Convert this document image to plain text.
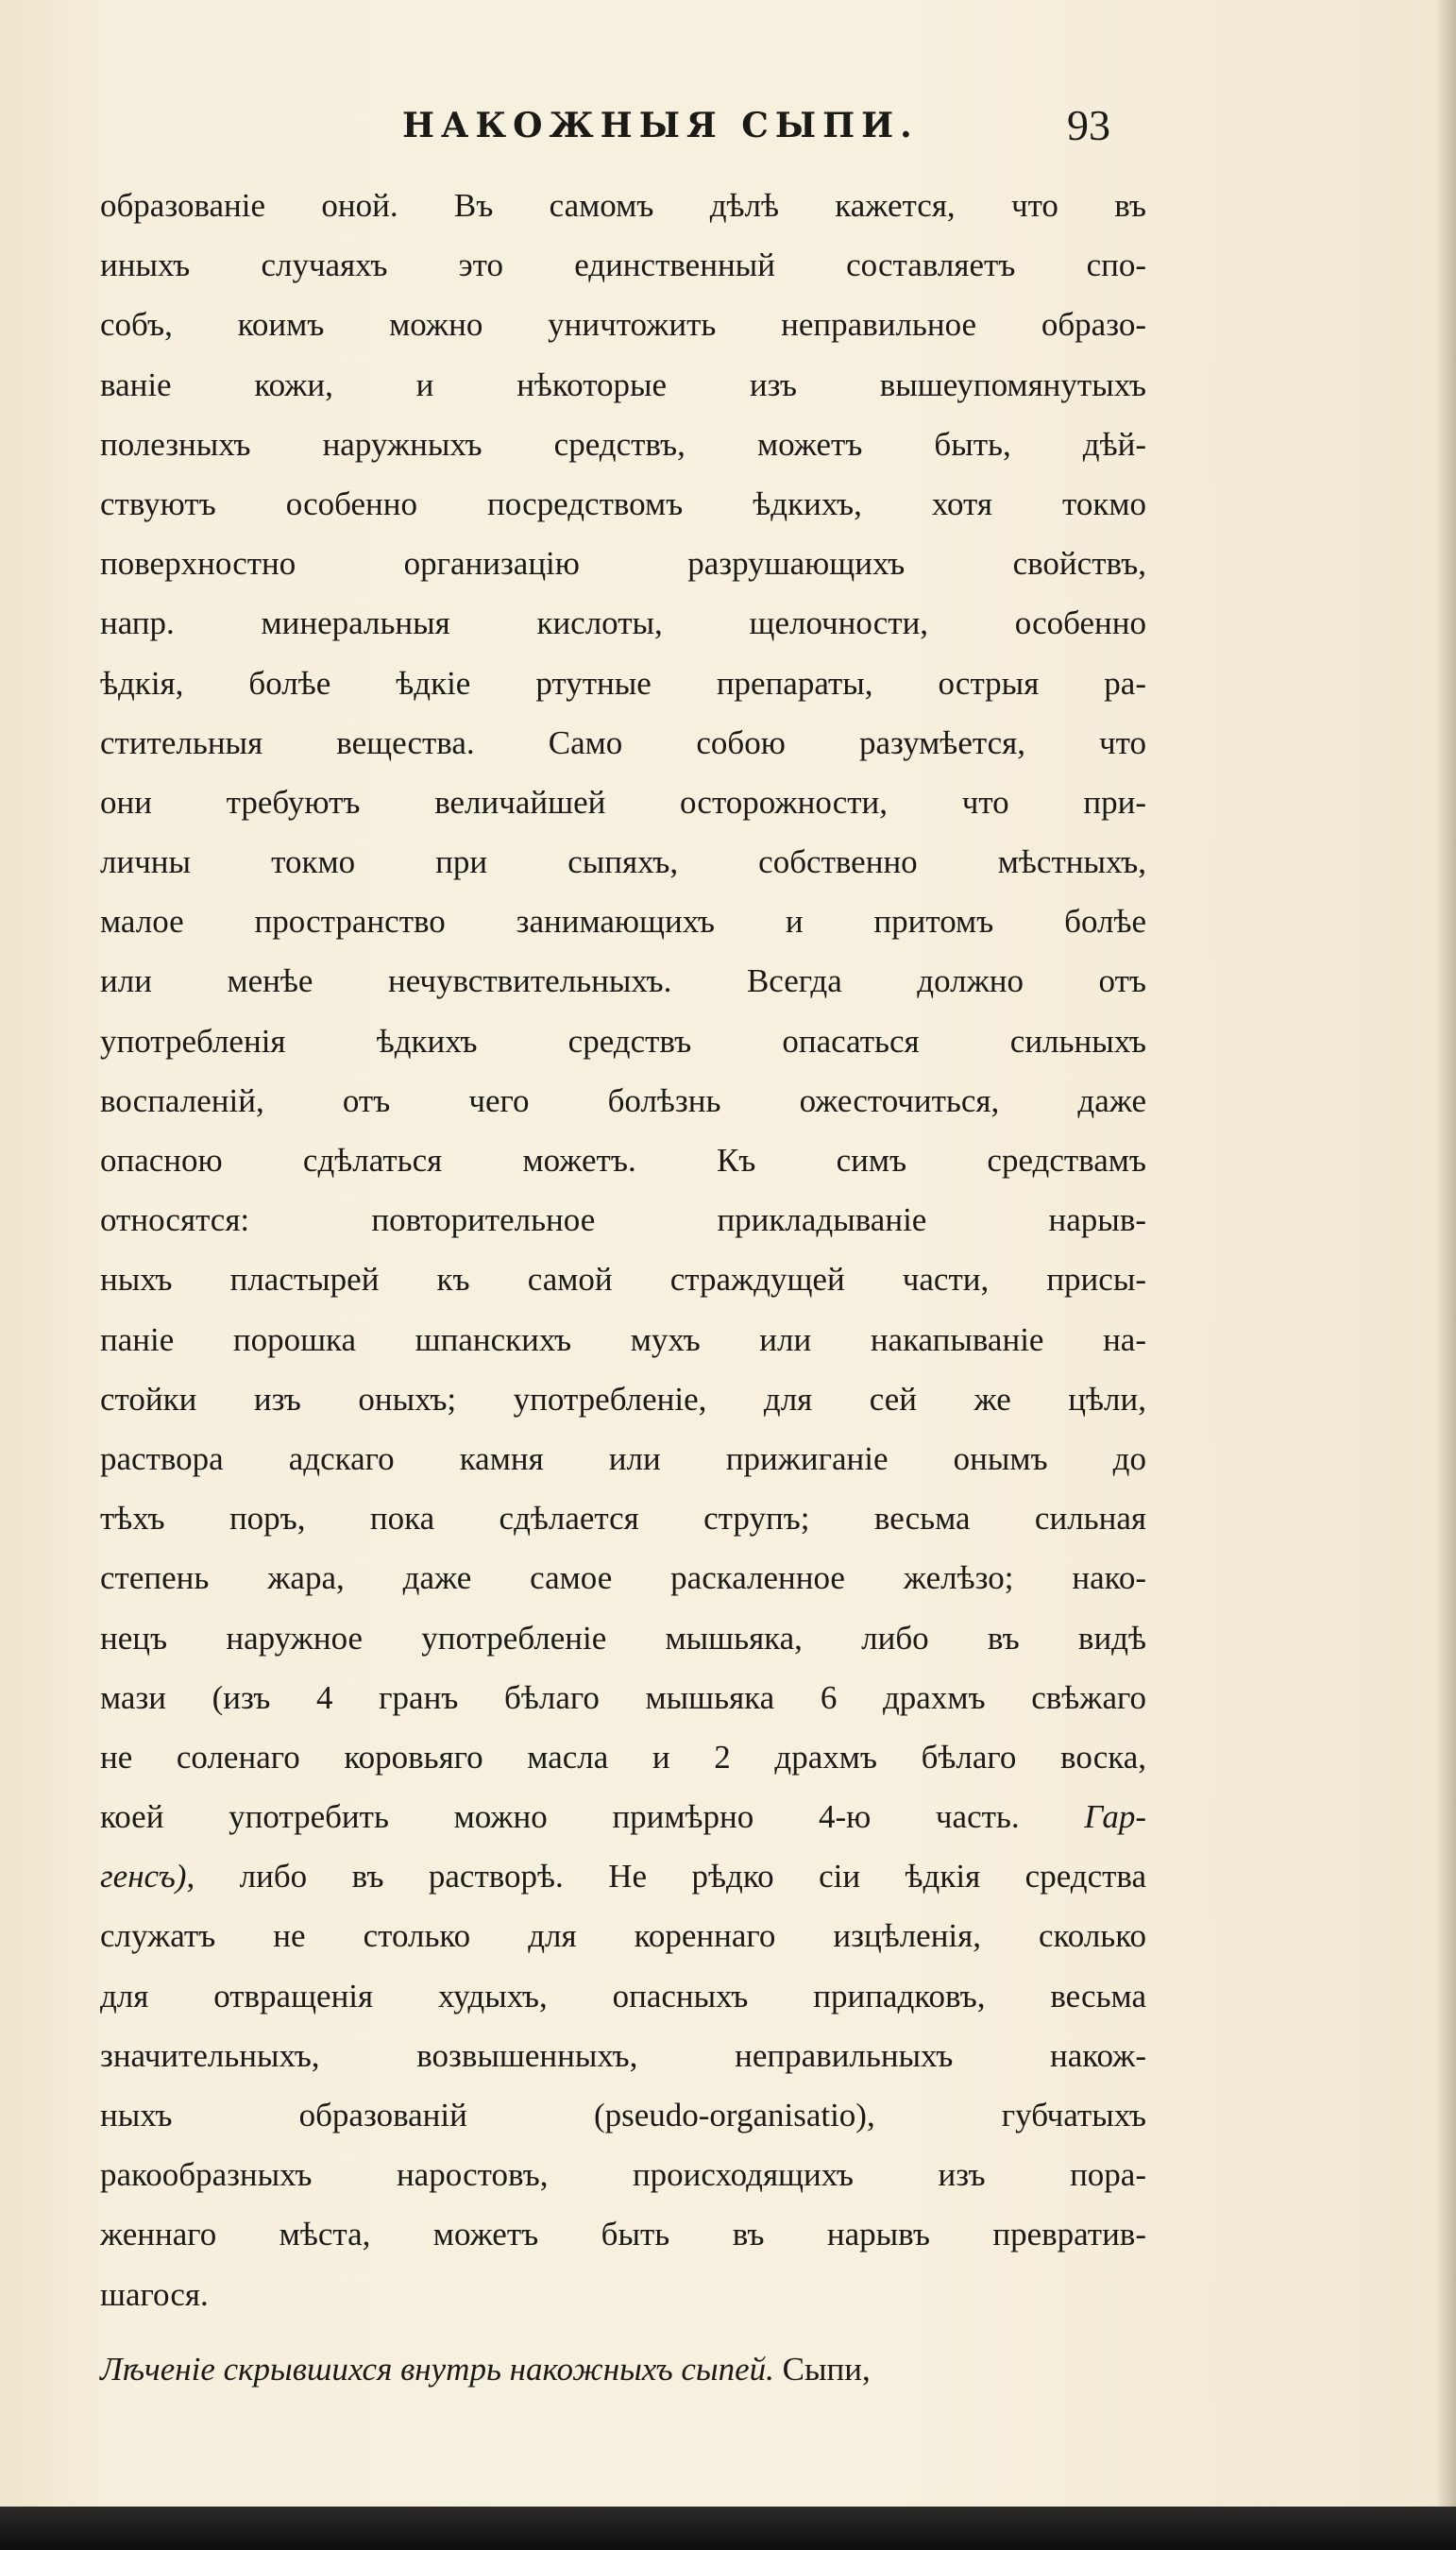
НАКОЖНЫЯ СЫПИ.	93
образованіе оной. Въ самомъ дѣлѣ кажется, что въ
иныхъ случаяхъ это единственный составляетъ спо-
собъ, коимъ можно уничтожить неправильное образо-
ваніе кожи, и нѣкоторые изъ вышеупомянутыхъ
полезныхъ наружныхъ средствъ, можетъ быть, дѣй-
ствуютъ особенно посредствомъ ѣдкихъ, хотя токмо
поверхностно организацію разрушающихъ свойствъ,
напр. минеральныя кислоты, щелочности, особенно
ѣдкія, болѣе ѣдкіе ртутные препараты, острыя ра-
стительныя вещества. Само собою разумѣется, что
они требуютъ величайшей осторожности, что при-
личны токмо при сыпяхъ, собственно мѣстныхъ,
малое пространство занимающихъ и притомъ болѣе
или менѣе нечувствительныхъ. Всегда должно отъ
употребленія ѣдкихъ средствъ опасаться сильныхъ
воспаленій, отъ чего болѣзнь ожесточиться, даже
опасною сдѣлаться можетъ. Къ симъ средствамъ
относятся: повторительное прикладываніе нарыв-
ныхъ пластырей къ самой страждущей части, присы-
паніе порошка шпанскихъ мухъ или накапываніе на-
стойки изъ оныхъ; употребленіе, для сей же цѣли,
раствора адскаго камня или прижиганіе онымъ до
тѣхъ поръ, пока сдѣлается струпъ; весьма сильная
степень жара, даже самое раскаленное желѣзо; нако-
нецъ наружное употребленіе мышьяка, либо въ видѣ
мази (изъ 4 гранъ бѣлаго мышьяка 6 драхмъ свѣжаго
не соленаго коровьяго масла и 2 драхмъ бѣлаго воска,
коей употребить можно примѣрно 4-ю часть. Гар-
генсъ), либо въ растворѣ. Не рѣдко сіи ѣдкія средства
служатъ не столько для кореннаго изцѣленія, сколько
для отвращенія худыхъ, опасныхъ припадковъ, весьма
значительныхъ, возвышенныхъ, неправильныхъ накож-
ныхъ образованій (pseudo-organisatio), губчатыхъ
ракообразныхъ наростовъ, происходящихъ изъ пора-
женнаго мѣста, можетъ быть въ нарывъ превратив-
шагося.
Лѣченіе скрывшихся внутрь накожныхъ сыпей. Сыпи,
